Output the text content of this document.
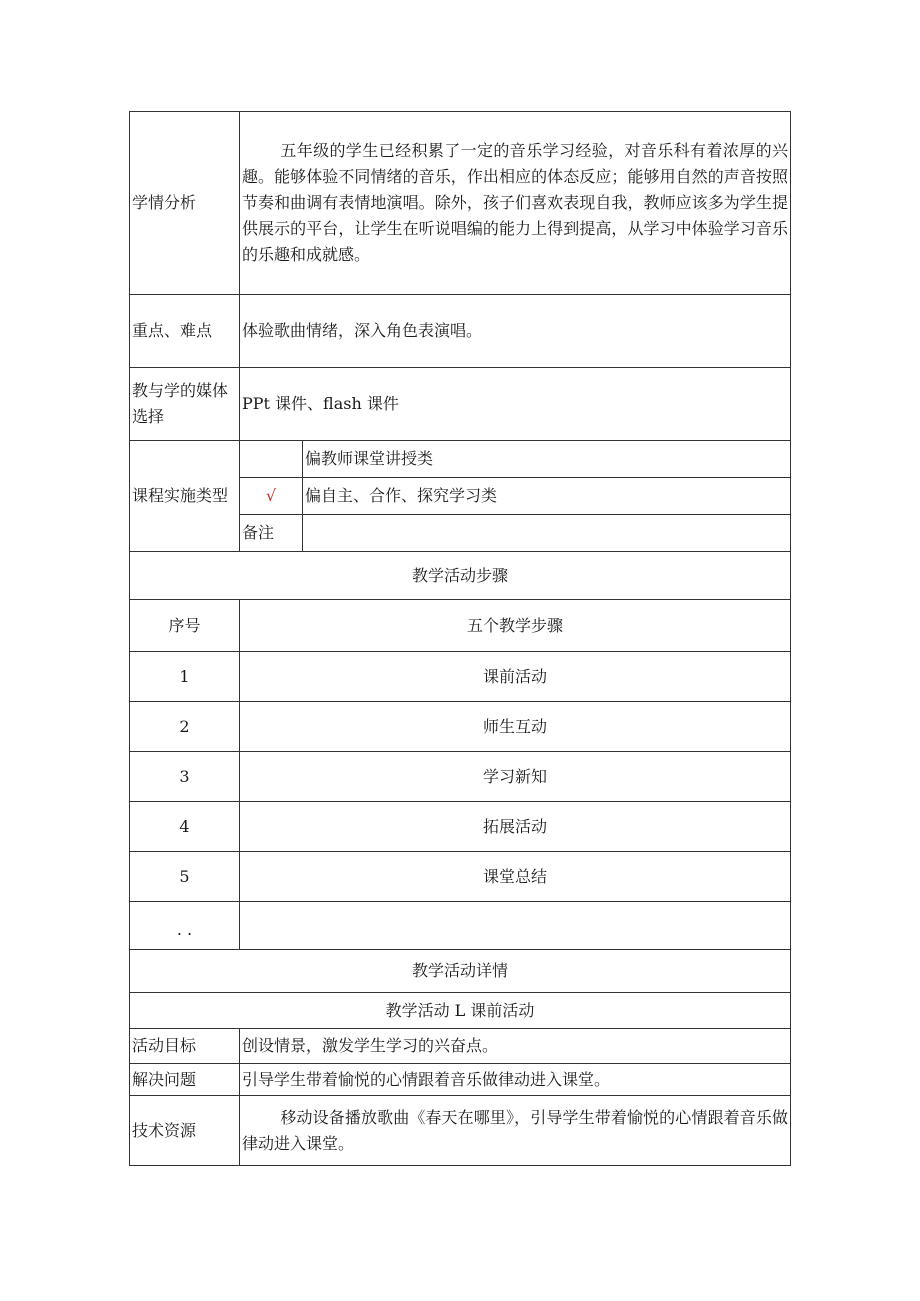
学情分析	五年级的学生已经积累了一定的音乐学习经验，对音乐科有着浓厚的兴趣。能够体验不同情绪的音乐，作出相应的体态反应；能够用自然的声音按照节奏和曲调有表情地演唱。除外，孩子们喜欢表现自我，教师应该多为学生提供展示的平台，让学生在听说唱编的能力上得到提高，从学习中体验学习音乐的乐趣和成就感。	
重点、难点	体验歌曲情绪，深入角色表演唱。	
教与学的媒体选择	PPt 课件、flash 课件	
课程实施类型		偏教师课堂讲授类
	√	偏自主、合作、探究学习类
	备注	
教学活动步骤		
序号	五个教学步骤	
1	课前活动	
2	师生互动	
3	学习新知	
4	拓展活动	
5	课堂总结	
. .		
教学活动详情		
教学活动 L 课前活动		
活动目标	创设情景，激发学生学习的兴奋点。	
解决问题	引导学生带着愉悦的心情跟着音乐做律动进入课堂。	
技术资源	移动设备播放歌曲《春天在哪里》，引导学生带着愉悦的心情跟着音乐做律动进入课堂。	
